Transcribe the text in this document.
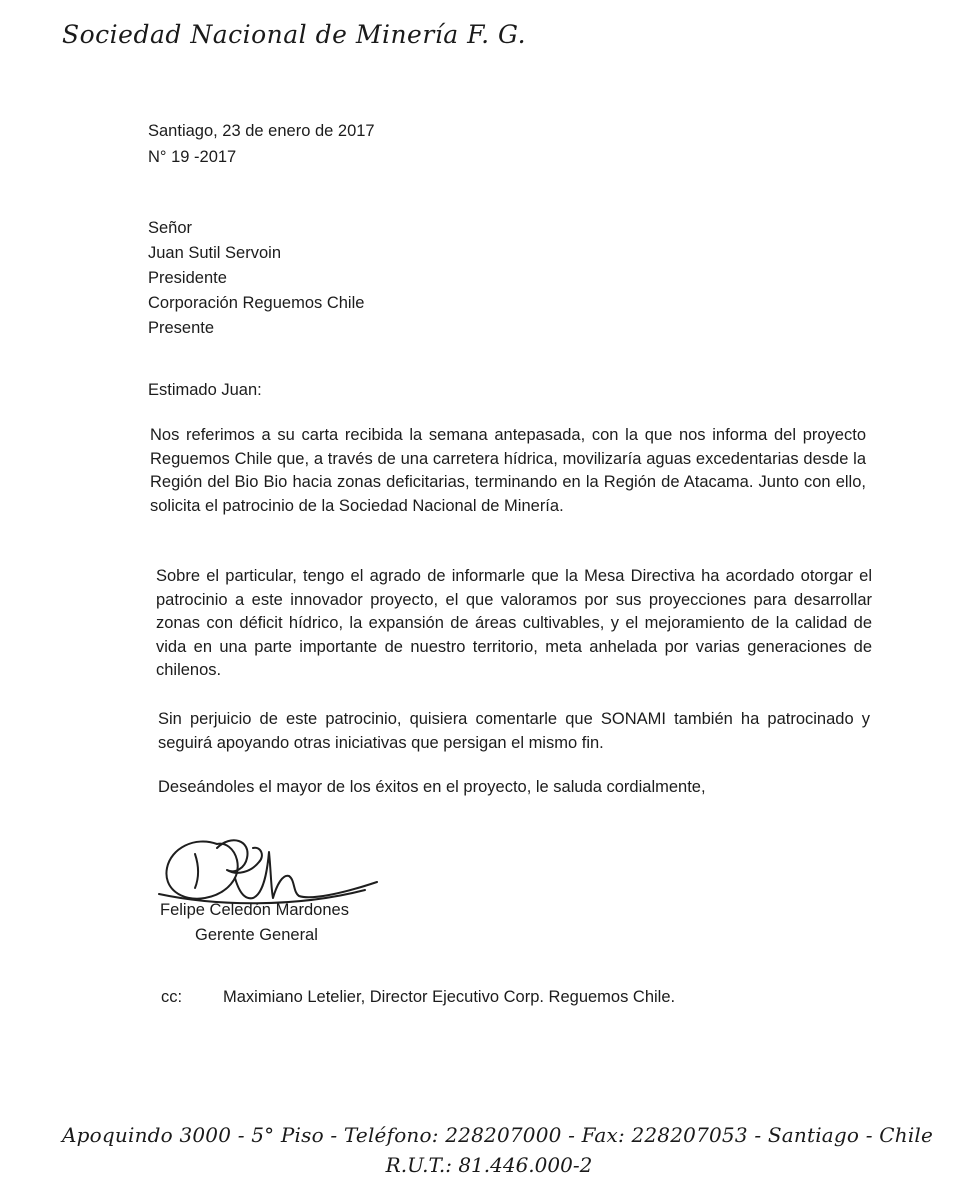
Sociedad Nacional de Minería F. G.
Santiago, 23 de enero de 2017
N° 19 -2017
Señor
Juan Sutil Servoin
Presidente
Corporación Reguemos Chile
Presente
Estimado Juan:

Nos referimos a su carta recibida la semana antepasada, con la que nos informa del proyecto Reguemos Chile que, a través de una carretera hídrica, movilizaría aguas excedentarias desde la Región del Bio Bio hacia zonas deficitarias, terminando en la Región de Atacama. Junto con ello, solicita el patrocinio de la Sociedad Nacional de Minería.

Sobre el particular, tengo el agrado de informarle que la Mesa Directiva ha acordado otorgar el patrocinio a este innovador proyecto, el que valoramos por sus proyecciones para desarrollar zonas con déficit hídrico, la expansión de áreas cultivables, y el mejoramiento de la calidad de vida en una parte importante de nuestro territorio, meta anhelada por varias generaciones de chilenos.

Sin perjuicio de este patrocinio, quisiera comentarle que SONAMI también ha patrocinado y seguirá apoyando otras iniciativas que persigan el mismo fin.

Deseándoles el mayor de los éxitos en el proyecto, le saluda cordialmente,

Felipe Celedón Mardones
Gerente General
cc: Maximiano Letelier, Director Ejecutivo Corp. Reguemos Chile.
Apoquindo 3000 - 5° Piso - Teléfono: 228207000 - Fax: 228207053 - Santiago - Chile
R.U.T.: 81.446.000-2
